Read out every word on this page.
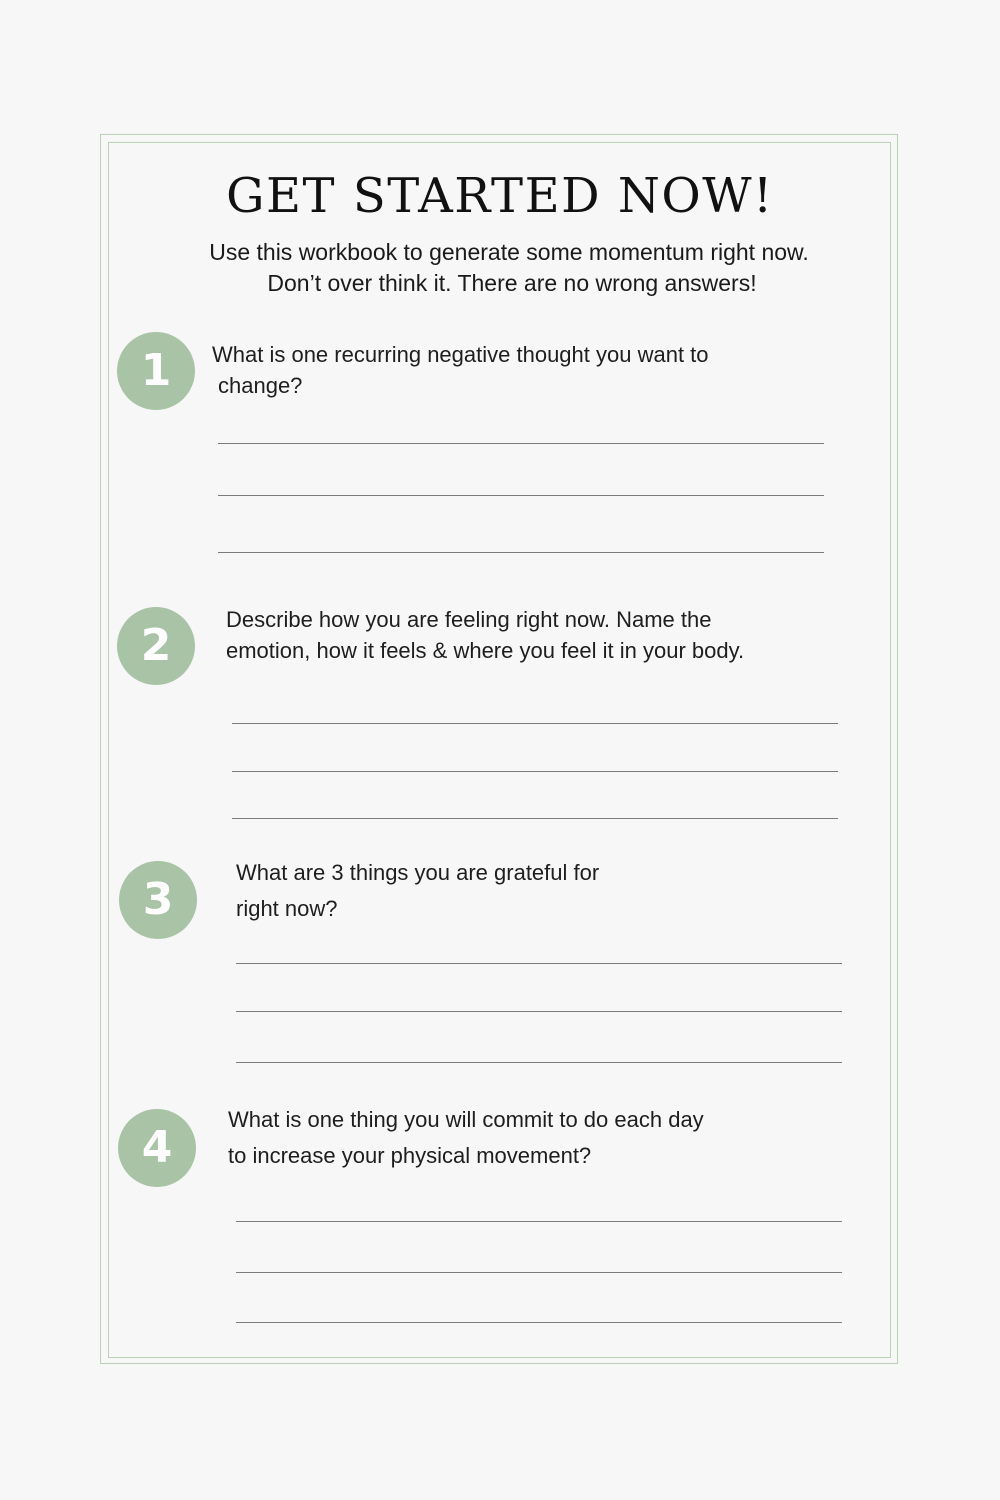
GET STARTED NOW!

Use this workbook to generate some momentum right now.

Don’t over think it. There are no wrong answers!

1	What is one recurring negative thought you want to

change?

2

Describe how you are feeling right now. Name the

emotion, how it feels & where you feel it in your body.

3

What are 3 things you are grateful for

right now?

4

What is one thing you will commit to do each day

to increase your physical movement?
